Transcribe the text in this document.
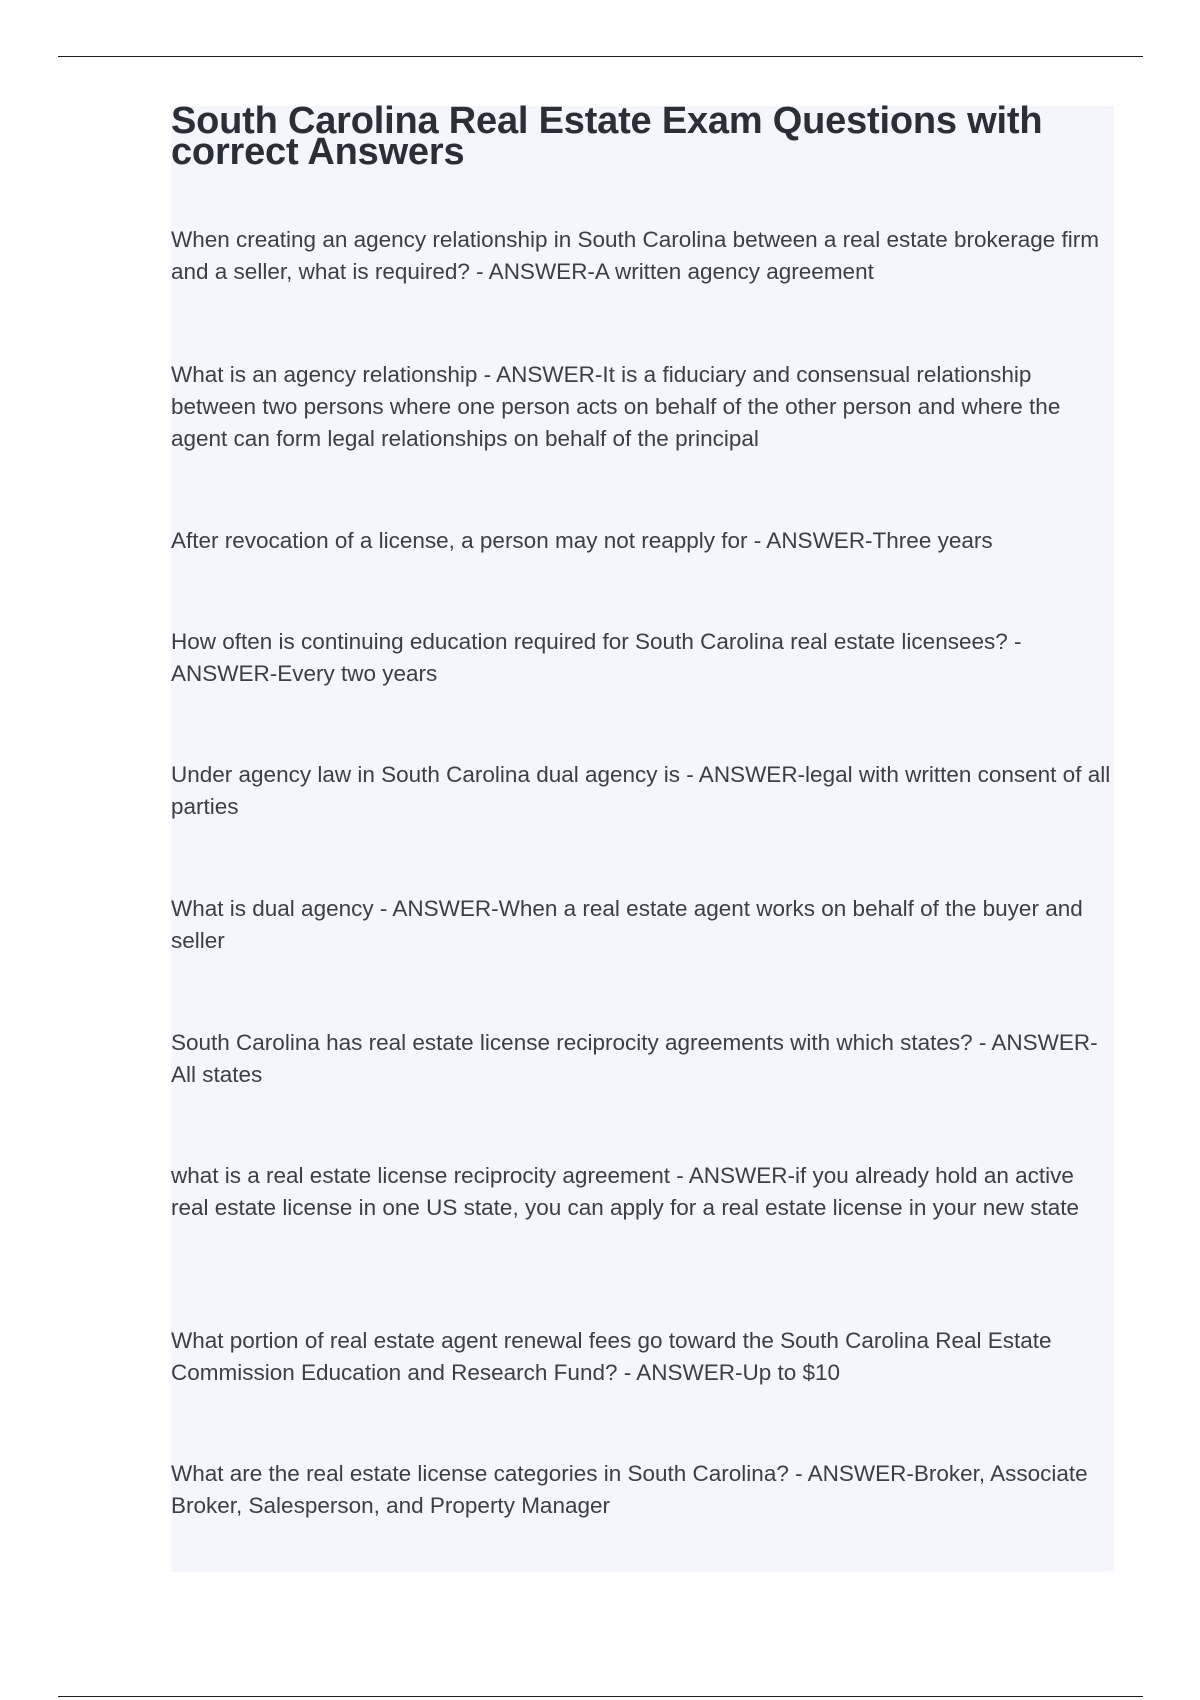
South Carolina Real Estate Exam Questions with correct Answers

When creating an agency relationship in South Carolina between a real estate brokerage firm and a seller, what is required? - ANSWER-A written agency agreement

What is an agency relationship - ANSWER-It is a fiduciary and consensual relationship between two persons where one person acts on behalf of the other person and where the agent can form legal relationships on behalf of the principal

After revocation of a license, a person may not reapply for - ANSWER-Three years

How often is continuing education required for South Carolina real estate licensees? - ANSWER-Every two years

Under agency law in South Carolina dual agency is - ANSWER-legal with written consent of all parties

What is dual agency - ANSWER-When a real estate agent works on behalf of the buyer and seller

South Carolina has real estate license reciprocity agreements with which states? - ANSWER-All states

what is a real estate license reciprocity agreement - ANSWER-if you already hold an active real estate license in one US state, you can apply for a real estate license in your new state

What portion of real estate agent renewal fees go toward the South Carolina Real Estate Commission Education and Research Fund? - ANSWER-Up to $10

What are the real estate license categories in South Carolina? - ANSWER-Broker, Associate Broker, Salesperson, and Property Manager
